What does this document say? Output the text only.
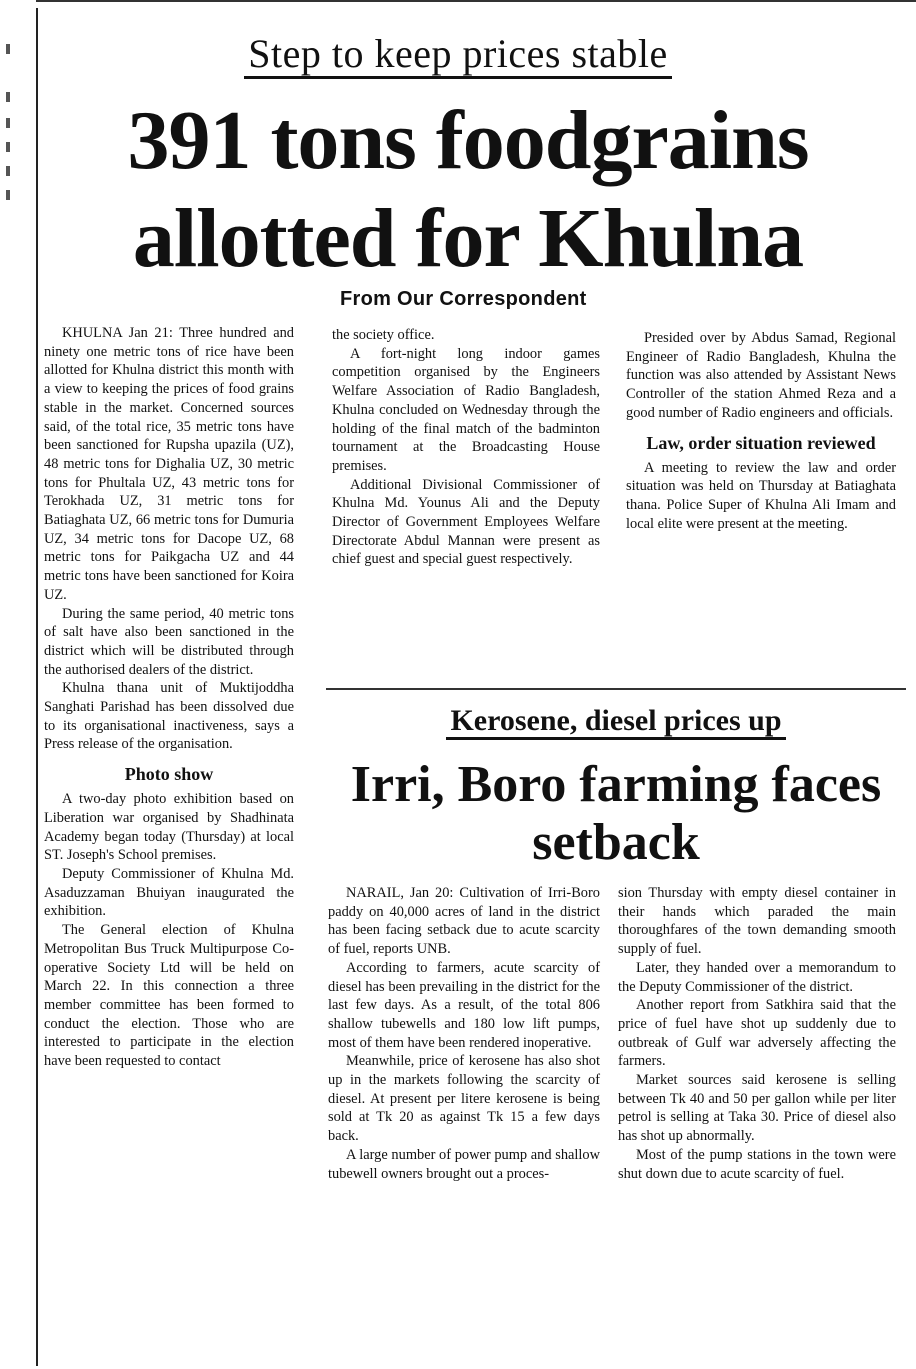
Step to keep prices stable
391 tons foodgrains allotted for Khulna
From Our Correspondent

KHULNA Jan 21: Three hundred and ninety one metric tons of rice have been allotted for Khulna district this month with a view to keeping the prices of food grains stable in the market. Concerned sources said, of the total rice, 35 metric tons have been sanctioned for Rupsha upazila (UZ), 48 metric tons for Dighalia UZ, 30 metric tons for Phultala UZ, 43 metric tons for Terokhada UZ, 31 metric tons for Batiaghata UZ, 66 metric tons for Dumuria UZ, 34 metric tons for Dacope UZ, 68 metric tons for Paikgacha UZ and 44 metric tons have been sanctioned for Koira UZ.

During the same period, 40 metric tons of salt have also been sanctioned in the district which will be distributed through the authorised dealers of the district.

Khulna thana unit of Muktijoddha Sanghati Parishad has been dissolved due to its organisational inactiveness, says a Press release of the organisation.

Photo show

A two-day photo exhibition based on Liberation war organised by Shadhinata Academy began today (Thursday) at local ST. Joseph's School premises.

Deputy Commissioner of Khulna Md. Asaduzzaman Bhuiyan inaugurated the exhibition.

The General election of Khulna Metropolitan Bus Truck Multipurpose Co-operative Society Ltd will be held on March 22. In this connection a three member committee has been formed to conduct the election. Those who are interested to participate in the election have been requested to contact

the society office.

A fort-night long indoor games competition organised by the Engineers Welfare Association of Radio Bangladesh, Khulna concluded on Wednesday through the holding of the final match of the badminton tournament at the Broadcasting House premises.

Additional Divisional Commissioner of Khulna Md. Younus Ali and the Deputy Director of Government Employees Welfare Directorate Abdul Mannan were present as chief guest and special guest respectively.

Presided over by Abdus Samad, Regional Engineer of Radio Bangladesh, Khulna the function was also attended by Assistant News Controller of the station Ahmed Reza and a good number of Radio engineers and officials.

Law, order situation reviewed

A meeting to review the law and order situation was held on Thursday at Batiaghata thana. Police Super of Khulna Ali Imam and local elite were present at the meeting.

Kerosene, diesel prices up
Irri, Boro farming faces setback

NARAIL, Jan 20: Cultivation of Irri-Boro paddy on 40,000 acres of land in the district has been facing setback due to acute scarcity of fuel, reports UNB.

According to farmers, acute scarcity of diesel has been prevailing in the district for the last few days. As a result, of the total 806 shallow tubewells and 180 low lift pumps, most of them have been rendered inoperative.

Meanwhile, price of kerosene has also shot up in the markets following the scarcity of diesel. At present per litere kerosene is being sold at Tk 20 as against Tk 15 a few days back.

A large number of power pump and shallow tubewell owners brought out a proces-

sion Thursday with empty diesel container in their hands which paraded the main thoroughfares of the town demanding smooth supply of fuel.

Later, they handed over a memorandum to the Deputy Commissioner of the district.

Another report from Satkhira said that the price of fuel have shot up suddenly due to outbreak of Gulf war adversely affecting the farmers.

Market sources said kerosene is selling between Tk 40 and 50 per gallon while per liter petrol is selling at Taka 30. Price of diesel also has shot up abnormally.

Most of the pump stations in the town were shut down due to acute scarcity of fuel.
